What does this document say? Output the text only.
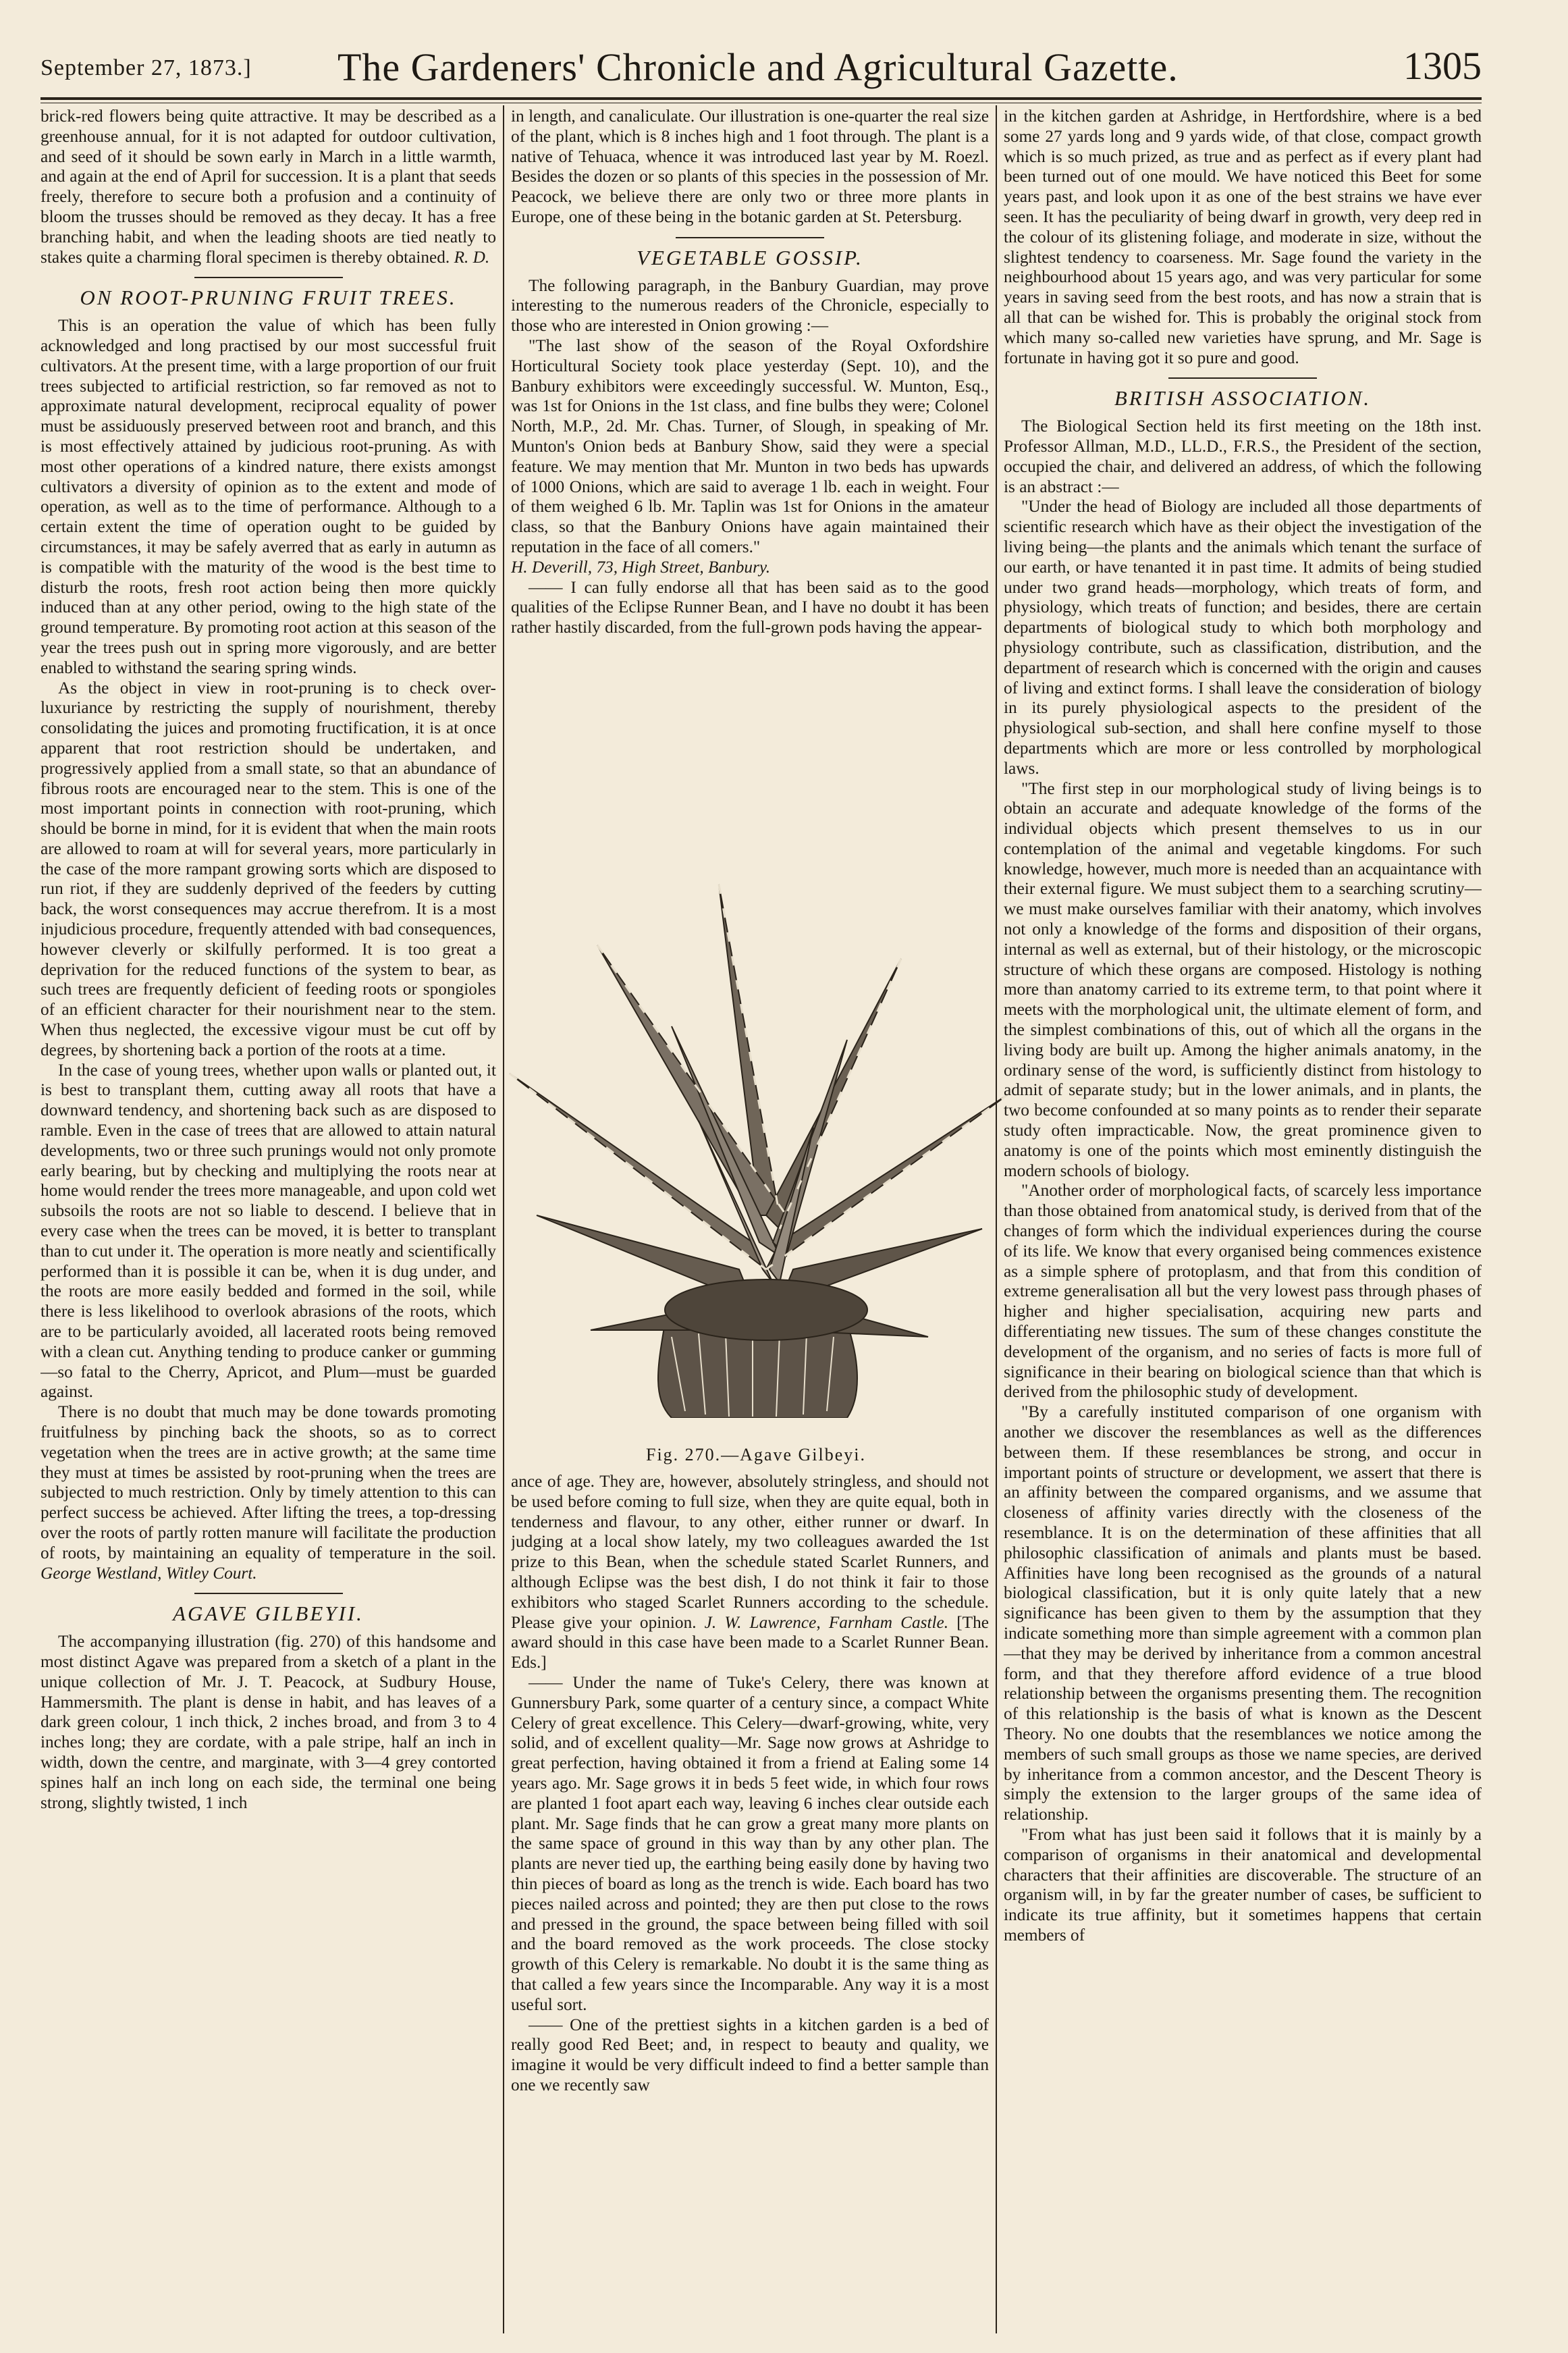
September 27, 1873.] The Gardeners' Chronicle and Agricultural Gazette.	1305

brick-red flowers being quite attractive. It may be described as a greenhouse annual, for it is not adapted for outdoor cultivation, and seed of it should be sown early in March in a little warmth, and again at the end of April for succession. It is a plant that seeds freely, therefore to secure both a profusion and a continuity of bloom the trusses should be removed as they decay. It has a free branching habit, and when the leading shoots are tied neatly to stakes quite a charming floral specimen is thereby obtained. R. D.

ON ROOT-PRUNING FRUIT TREES.

This is an operation the value of which has been fully acknowledged and long practised by our most successful fruit cultivators. At the present time, with a large proportion of our fruit trees subjected to artificial restriction, so far removed as not to approximate natural development, reciprocal equality of power must be assiduously preserved between root and branch, and this is most effectively attained by judicious root-pruning. As with most other operations of a kindred nature, there exists amongst cultivators a diversity of opinion as to the extent and mode of operation, as well as to the time of performance. Although to a certain extent the time of operation ought to be guided by circumstances, it may be safely averred that as early in autumn as is compatible with the maturity of the wood is the best time to disturb the roots, fresh root action being then more quickly induced than at any other period, owing to the high state of the ground temperature. By promoting root action at this season of the year the trees push out in spring more vigorously, and are better enabled to withstand the searing spring winds.

As the object in view in root-pruning is to check over-luxuriance by restricting the supply of nourishment, thereby consolidating the juices and promoting fructification, it is at once apparent that root restriction should be undertaken, and progressively applied from a small state, so that an abundance of fibrous roots are encouraged near to the stem. This is one of the most important points in connection with root-pruning, which should be borne in mind, for it is evident that when the main roots are allowed to roam at will for several years, more particularly in the case of the more rampant growing sorts which are disposed to run riot, if they are suddenly deprived of the feeders by cutting back, the worst consequences may accrue therefrom. It is a most injudicious procedure, frequently attended with bad consequences, however cleverly or skilfully performed. It is too great a deprivation for the reduced functions of the system to bear, as such trees are frequently deficient of feeding roots or spongioles of an efficient character for their nourishment near to the stem. When thus neglected, the excessive vigour must be cut off by degrees, by shortening back a portion of the roots at a time.

In the case of young trees, whether upon walls or planted out, it is best to transplant them, cutting away all roots that have a downward tendency, and shortening back such as are disposed to ramble. Even in the case of trees that are allowed to attain natural developments, two or three such prunings would not only promote early bearing, but by checking and multiplying the roots near at home would render the trees more manageable, and upon cold wet subsoils the roots are not so liable to descend. I believe that in every case when the trees can be moved, it is better to transplant than to cut under it. The operation is more neatly and scientifically performed than it is possible it can be, when it is dug under, and the roots are more easily bedded and formed in the soil, while there is less likelihood to overlook abrasions of the roots, which are to be particularly avoided, all lacerated roots being removed with a clean cut. Anything tending to produce canker or gumming—so fatal to the Cherry, Apricot, and Plum—must be guarded against.

There is no doubt that much may be done towards promoting fruitfulness by pinching back the shoots, so as to correct vegetation when the trees are in active growth; at the same time they must at times be assisted by root-pruning when the trees are subjected to much restriction. Only by timely attention to this can perfect success be achieved. After lifting the trees, a top-dressing over the roots of partly rotten manure will facilitate the production of roots, by maintaining an equality of temperature in the soil. George Westland, Witley Court.

AGAVE GILBEYII.

The accompanying illustration (fig. 270) of this handsome and most distinct Agave was prepared from a sketch of a plant in the unique collection of Mr. J. T. Peacock, at Sudbury House, Hammersmith. The plant is dense in habit, and has leaves of a dark green colour, 1 inch thick, 2 inches broad, and from 3 to 4 inches long; they are cordate, with a pale stripe, half an inch in width, down the centre, and marginate, with 3—4 grey contorted spines half an inch long on each side, the terminal one being strong, slightly twisted, 1 inch

in length, and canaliculate. Our illustration is one-quarter the real size of the plant, which is 8 inches high and 1 foot through. The plant is a native of Tehuaca, whence it was introduced last year by M. Roezl. Besides the dozen or so plants of this species in the possession of Mr. Peacock, we believe there are only two or three more plants in Europe, one of these being in the botanic garden at St. Petersburg.

VEGETABLE GOSSIP.

The following paragraph, in the Banbury Guardian, may prove interesting to the numerous readers of the Chronicle, especially to those who are interested in Onion growing :—

"The last show of the season of the Royal Oxfordshire Horticultural Society took place yesterday (Sept. 10), and the Banbury exhibitors were exceedingly successful. W. Munton, Esq., was 1st for Onions in the 1st class, and fine bulbs they were; Colonel North, M.P., 2d. Mr. Chas. Turner, of Slough, in speaking of Mr. Munton's Onion beds at Banbury Show, said they were a special feature. We may mention that Mr. Munton in two beds has upwards of 1000 Onions, which are said to average 1 lb. each in weight. Four of them weighed 6 lb. Mr. Taplin was 1st for Onions in the amateur class, so that the Banbury Onions have again maintained their reputation in the face of all comers."

H. Deverill, 73, High Street, Banbury.

—— I can fully endorse all that has been said as to the good qualities of the Eclipse Runner Bean, and I have no doubt it has been rather hastily discarded, from the full-grown pods having the appear-

Fig. 270.—Agave Gilbeyi.

ance of age. They are, however, absolutely stringless, and should not be used before coming to full size, when they are quite equal, both in tenderness and flavour, to any other, either runner or dwarf. In judging at a local show lately, my two colleagues awarded the 1st prize to this Bean, when the schedule stated Scarlet Runners, and although Eclipse was the best dish, I do not think it fair to those exhibitors who staged Scarlet Runners according to the schedule. Please give your opinion. J. W. Lawrence, Farnham Castle. [The award should in this case have been made to a Scarlet Runner Bean. Eds.]

—— Under the name of Tuke's Celery, there was known at Gunnersbury Park, some quarter of a century since, a compact White Celery of great excellence. This Celery—dwarf-growing, white, very solid, and of excellent quality—Mr. Sage now grows at Ashridge to great perfection, having obtained it from a friend at Ealing some 14 years ago. Mr. Sage grows it in beds 5 feet wide, in which four rows are planted 1 foot apart each way, leaving 6 inches clear outside each plant. Mr. Sage finds that he can grow a great many more plants on the same space of ground in this way than by any other plan. The plants are never tied up, the earthing being easily done by having two thin pieces of board as long as the trench is wide. Each board has two pieces nailed across and pointed; they are then put close to the rows and pressed in the ground, the space between being filled with soil and the board removed as the work proceeds. The close stocky growth of this Celery is remarkable. No doubt it is the same thing as that called a few years since the Incomparable. Any way it is a most useful sort.

—— One of the prettiest sights in a kitchen garden is a bed of really good Red Beet; and, in respect to beauty and quality, we imagine it would be very difficult indeed to find a better sample than one we recently saw

in the kitchen garden at Ashridge, in Hertfordshire, where is a bed some 27 yards long and 9 yards wide, of that close, compact growth which is so much prized, as true and as perfect as if every plant had been turned out of one mould. We have noticed this Beet for some years past, and look upon it as one of the best strains we have ever seen. It has the peculiarity of being dwarf in growth, very deep red in the colour of its glistening foliage, and moderate in size, without the slightest tendency to coarseness. Mr. Sage found the variety in the neighbourhood about 15 years ago, and was very particular for some years in saving seed from the best roots, and has now a strain that is all that can be wished for. This is probably the original stock from which many so-called new varieties have sprung, and Mr. Sage is fortunate in having got it so pure and good.

BRITISH ASSOCIATION.

The Biological Section held its first meeting on the 18th inst. Professor Allman, M.D., LL.D., F.R.S., the President of the section, occupied the chair, and delivered an address, of which the following is an abstract :—

"Under the head of Biology are included all those departments of scientific research which have as their object the investigation of the living being—the plants and the animals which tenant the surface of our earth, or have tenanted it in past time. It admits of being studied under two grand heads—morphology, which treats of form, and physiology, which treats of function; and besides, there are certain departments of biological study to which both morphology and physiology contribute, such as classification, distribution, and the department of research which is concerned with the origin and causes of living and extinct forms. I shall leave the consideration of biology in its purely physiological aspects to the president of the physiological sub-section, and shall here confine myself to those departments which are more or less controlled by morphological laws.

"The first step in our morphological study of living beings is to obtain an accurate and adequate knowledge of the forms of the individual objects which present themselves to us in our contemplation of the animal and vegetable kingdoms. For such knowledge, however, much more is needed than an acquaintance with their external figure. We must subject them to a searching scrutiny—we must make ourselves familiar with their anatomy, which involves not only a knowledge of the forms and disposition of their organs, internal as well as external, but of their histology, or the microscopic structure of which these organs are composed. Histology is nothing more than anatomy carried to its extreme term, to that point where it meets with the morphological unit, the ultimate element of form, and the simplest combinations of this, out of which all the organs in the living body are built up. Among the higher animals anatomy, in the ordinary sense of the word, is sufficiently distinct from histology to admit of separate study; but in the lower animals, and in plants, the two become confounded at so many points as to render their separate study often impracticable. Now, the great prominence given to anatomy is one of the points which most eminently distinguish the modern schools of biology.

"Another order of morphological facts, of scarcely less importance than those obtained from anatomical study, is derived from that of the changes of form which the individual experiences during the course of its life. We know that every organised being commences existence as a simple sphere of protoplasm, and that from this condition of extreme generalisation all but the very lowest pass through phases of higher and higher specialisation, acquiring new parts and differentiating new tissues. The sum of these changes constitute the development of the organism, and no series of facts is more full of significance in their bearing on biological science than that which is derived from the philosophic study of development.

"By a carefully instituted comparison of one organism with another we discover the resemblances as well as the differences between them. If these resemblances be strong, and occur in important points of structure or development, we assert that there is an affinity between the compared organisms, and we assume that closeness of affinity varies directly with the closeness of the resemblance. It is on the determination of these affinities that all philosophic classification of animals and plants must be based. Affinities have long been recognised as the grounds of a natural biological classification, but it is only quite lately that a new significance has been given to them by the assumption that they indicate something more than simple agreement with a common plan—that they may be derived by inheritance from a common ancestral form, and that they therefore afford evidence of a true blood relationship between the organisms presenting them. The recognition of this relationship is the basis of what is known as the Descent Theory. No one doubts that the resemblances we notice among the members of such small groups as those we name species, are derived by inheritance from a common ancestor, and the Descent Theory is simply the extension to the larger groups of the same idea of relationship.

"From what has just been said it follows that it is mainly by a comparison of organisms in their anatomical and developmental characters that their affinities are discoverable. The structure of an organism will, in by far the greater number of cases, be sufficient to indicate its true affinity, but it sometimes happens that certain members of
